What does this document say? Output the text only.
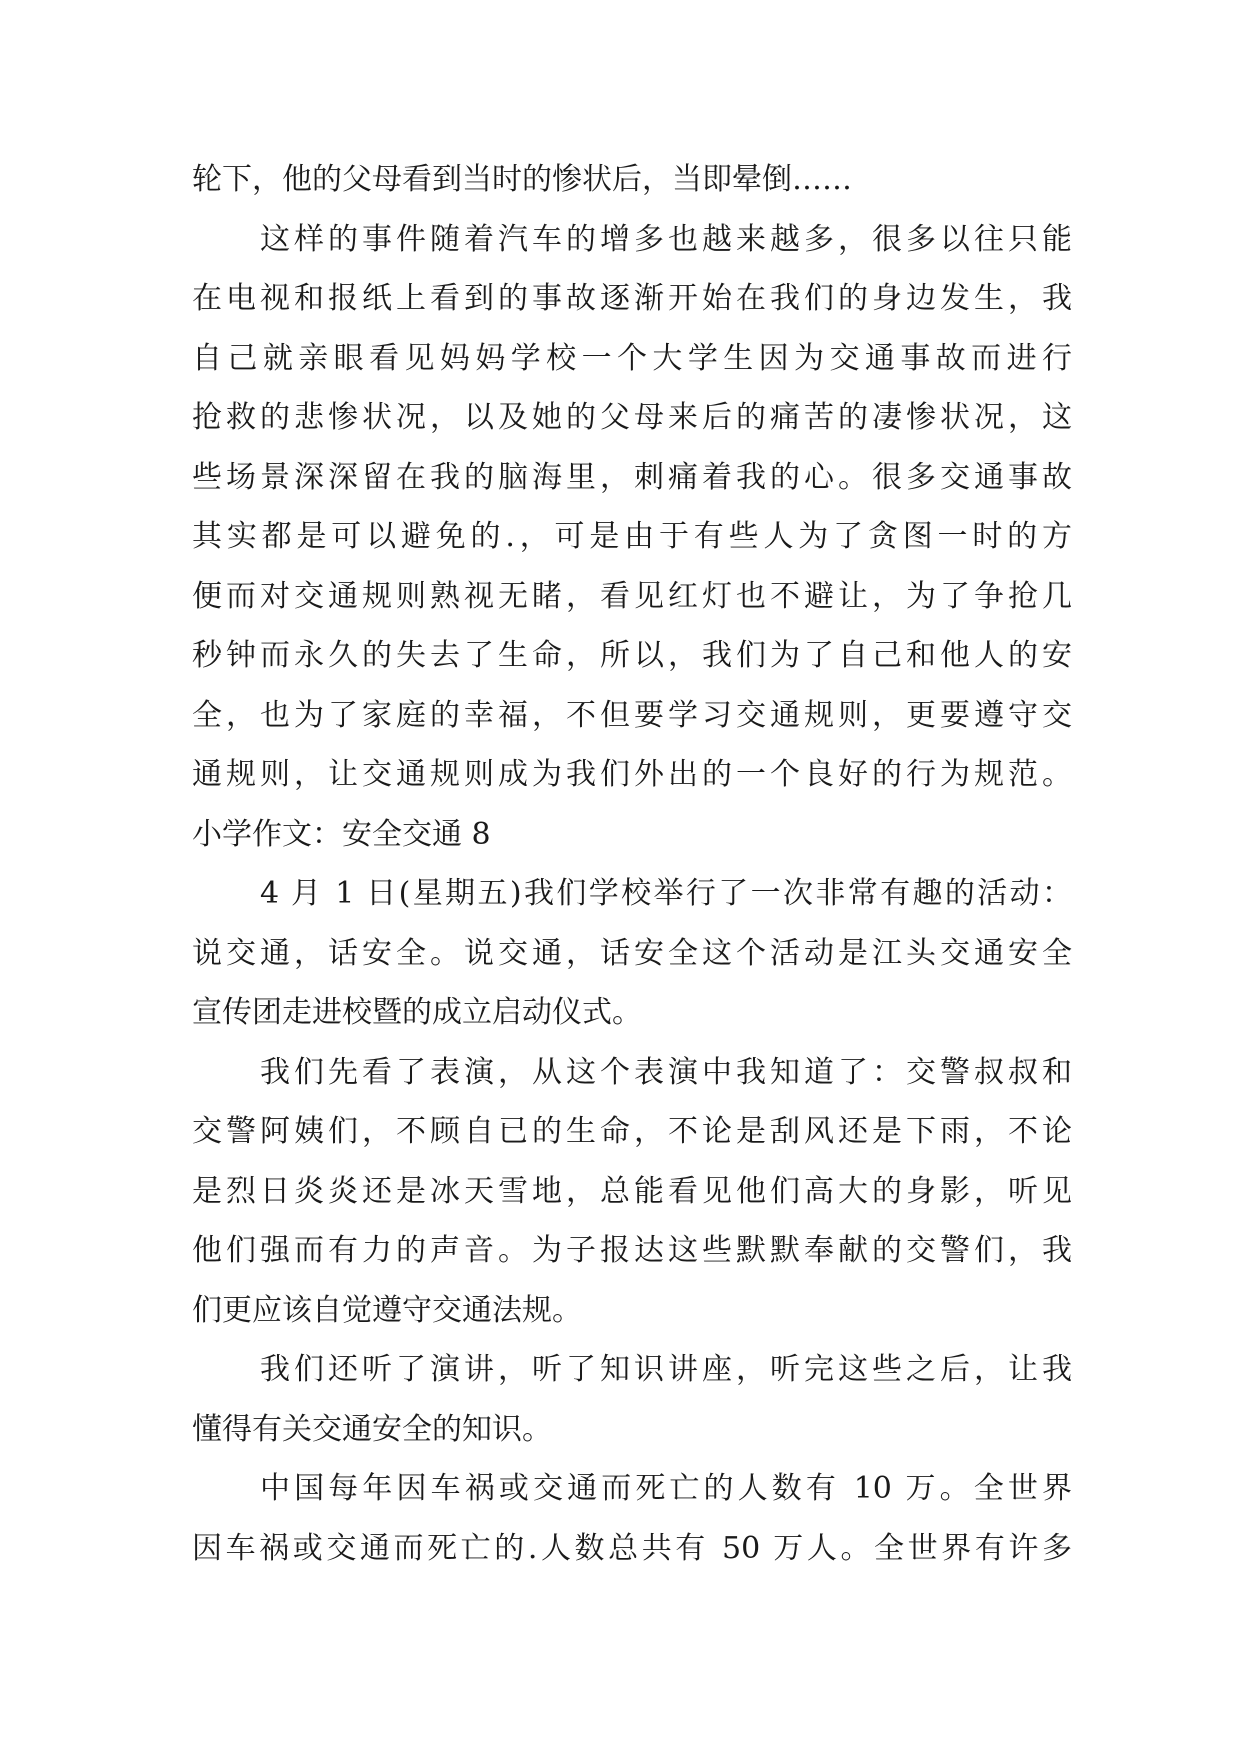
轮下，他的父母看到当时的惨状后，当即晕倒……
这样的事件随着汽车的增多也越来越多，很多以往只能
在电视和报纸上看到的事故逐渐开始在我们的身边发生，我
自己就亲眼看见妈妈学校一个大学生因为交通事故而进行
抢救的悲惨状况，以及她的父母来后的痛苦的凄惨状况，这
些场景深深留在我的脑海里，刺痛着我的心。很多交通事故
其实都是可以避免的.，可是由于有些人为了贪图一时的方
便而对交通规则熟视无睹，看见红灯也不避让，为了争抢几
秒钟而永久的失去了生命，所以，我们为了自己和他人的安
全，也为了家庭的幸福，不但要学习交通规则，更要遵守交
通规则，让交通规则成为我们外出的一个良好的行为规范。
小学作文：安全交通 8
4 月 1 日(星期五)我们学校举行了一次非常有趣的活动：
说交通，话安全。说交通，话安全这个活动是江头交通安全
宣传团走进校暨的成立启动仪式。
我们先看了表演，从这个表演中我知道了：交警叔叔和
交警阿姨们，不顾自已的生命，不论是刮风还是下雨，不论
是烈日炎炎还是冰天雪地，总能看见他们高大的身影，听见
他们强而有力的声音。为子报达这些默默奉献的交警们，我
们更应该自觉遵守交通法规。
我们还听了演讲，听了知识讲座，听完这些之后，让我
懂得有关交通安全的知识。
中国每年因车祸或交通而死亡的人数有 10 万。全世界
因车祸或交通而死亡的.人数总共有 50 万人。全世界有许多
